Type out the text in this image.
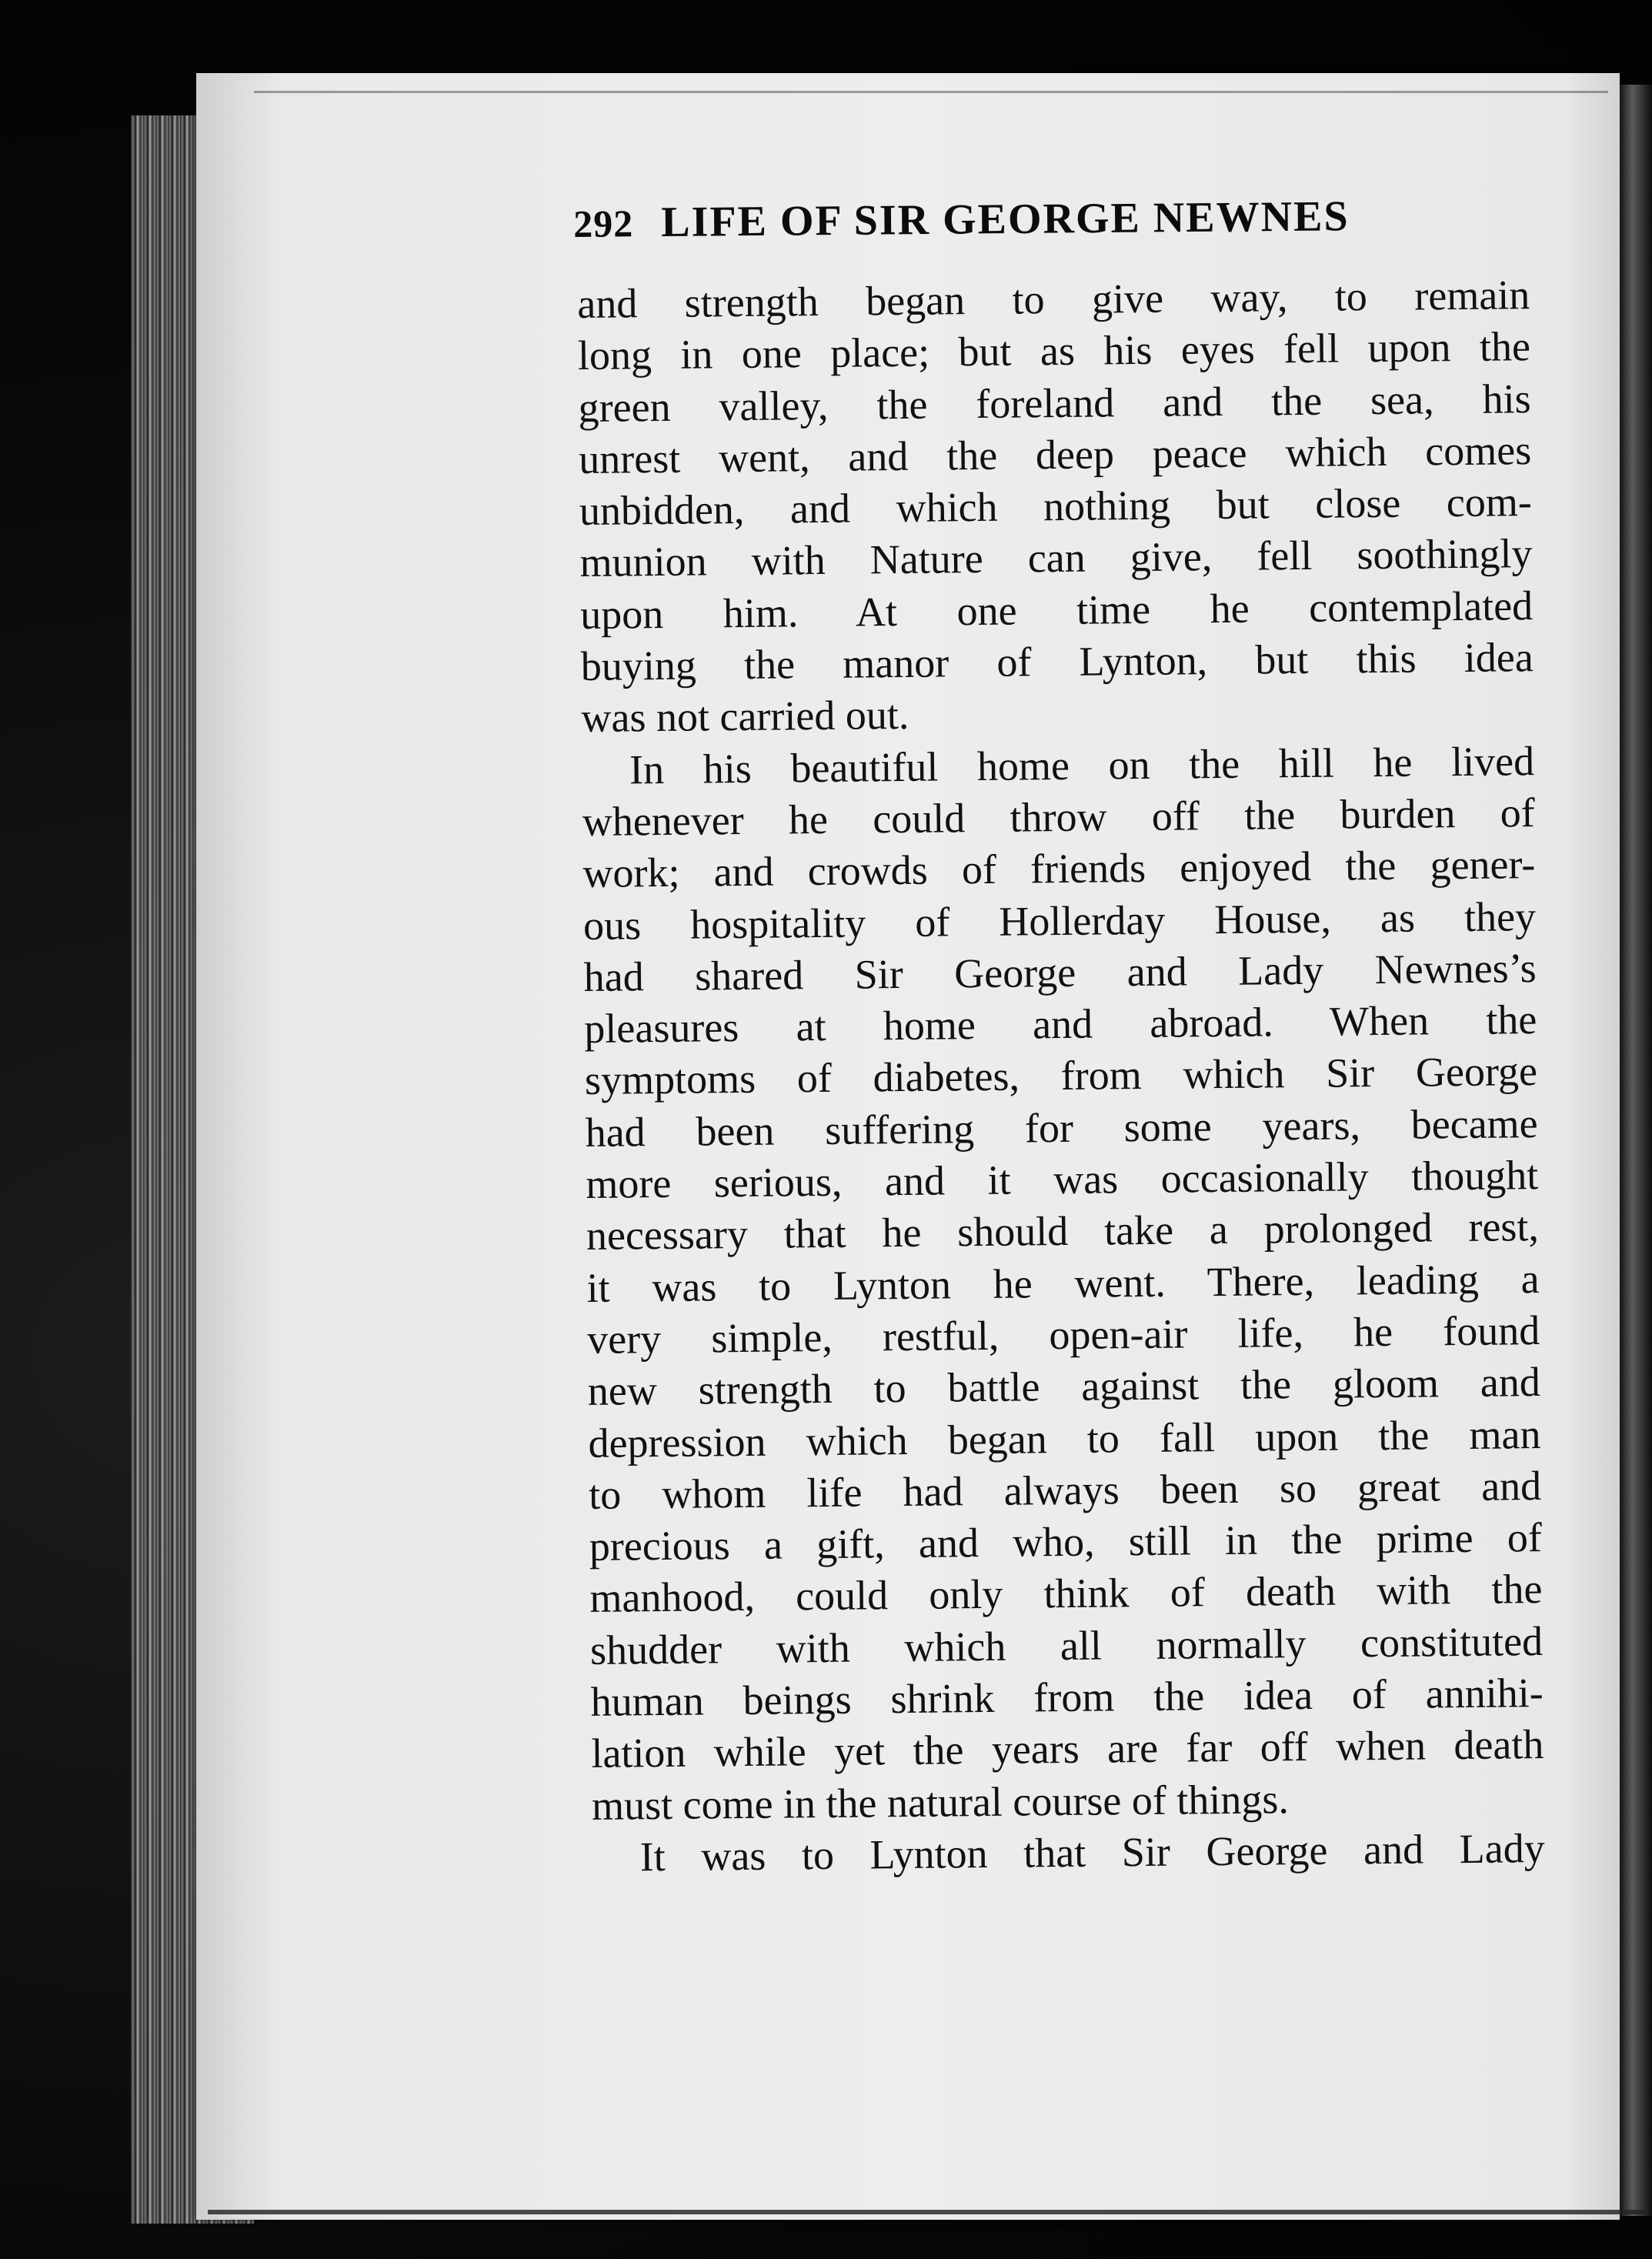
292 LIFE OF SIR GEORGE NEWNES
and strength began to give way, to remain
long in one place; but as his eyes fell upon the
green valley, the foreland and the sea, his
unrest went, and the deep peace which comes
unbidden, and which nothing but close com-
munion with Nature can give, fell soothingly
upon him. At one time he contemplated
buying the manor of Lynton, but this idea
was not carried out.
In his beautiful home on the hill he lived
whenever he could throw off the burden of
work; and crowds of friends enjoyed the gener-
ous hospitality of Hollerday House, as they
had shared Sir George and Lady Newnes’s
pleasures at home and abroad. When the
symptoms of diabetes, from which Sir George
had been suffering for some years, became
more serious, and it was occasionally thought
necessary that he should take a prolonged rest,
it was to Lynton he went. There, leading a
very simple, restful, open-air life, he found
new strength to battle against the gloom and
depression which began to fall upon the man
to whom life had always been so great and
precious a gift, and who, still in the prime of
manhood, could only think of death with the
shudder with which all normally constituted
human beings shrink from the idea of annihi-
lation while yet the years are far off when death
must come in the natural course of things.
It was to Lynton that Sir George and Lady
